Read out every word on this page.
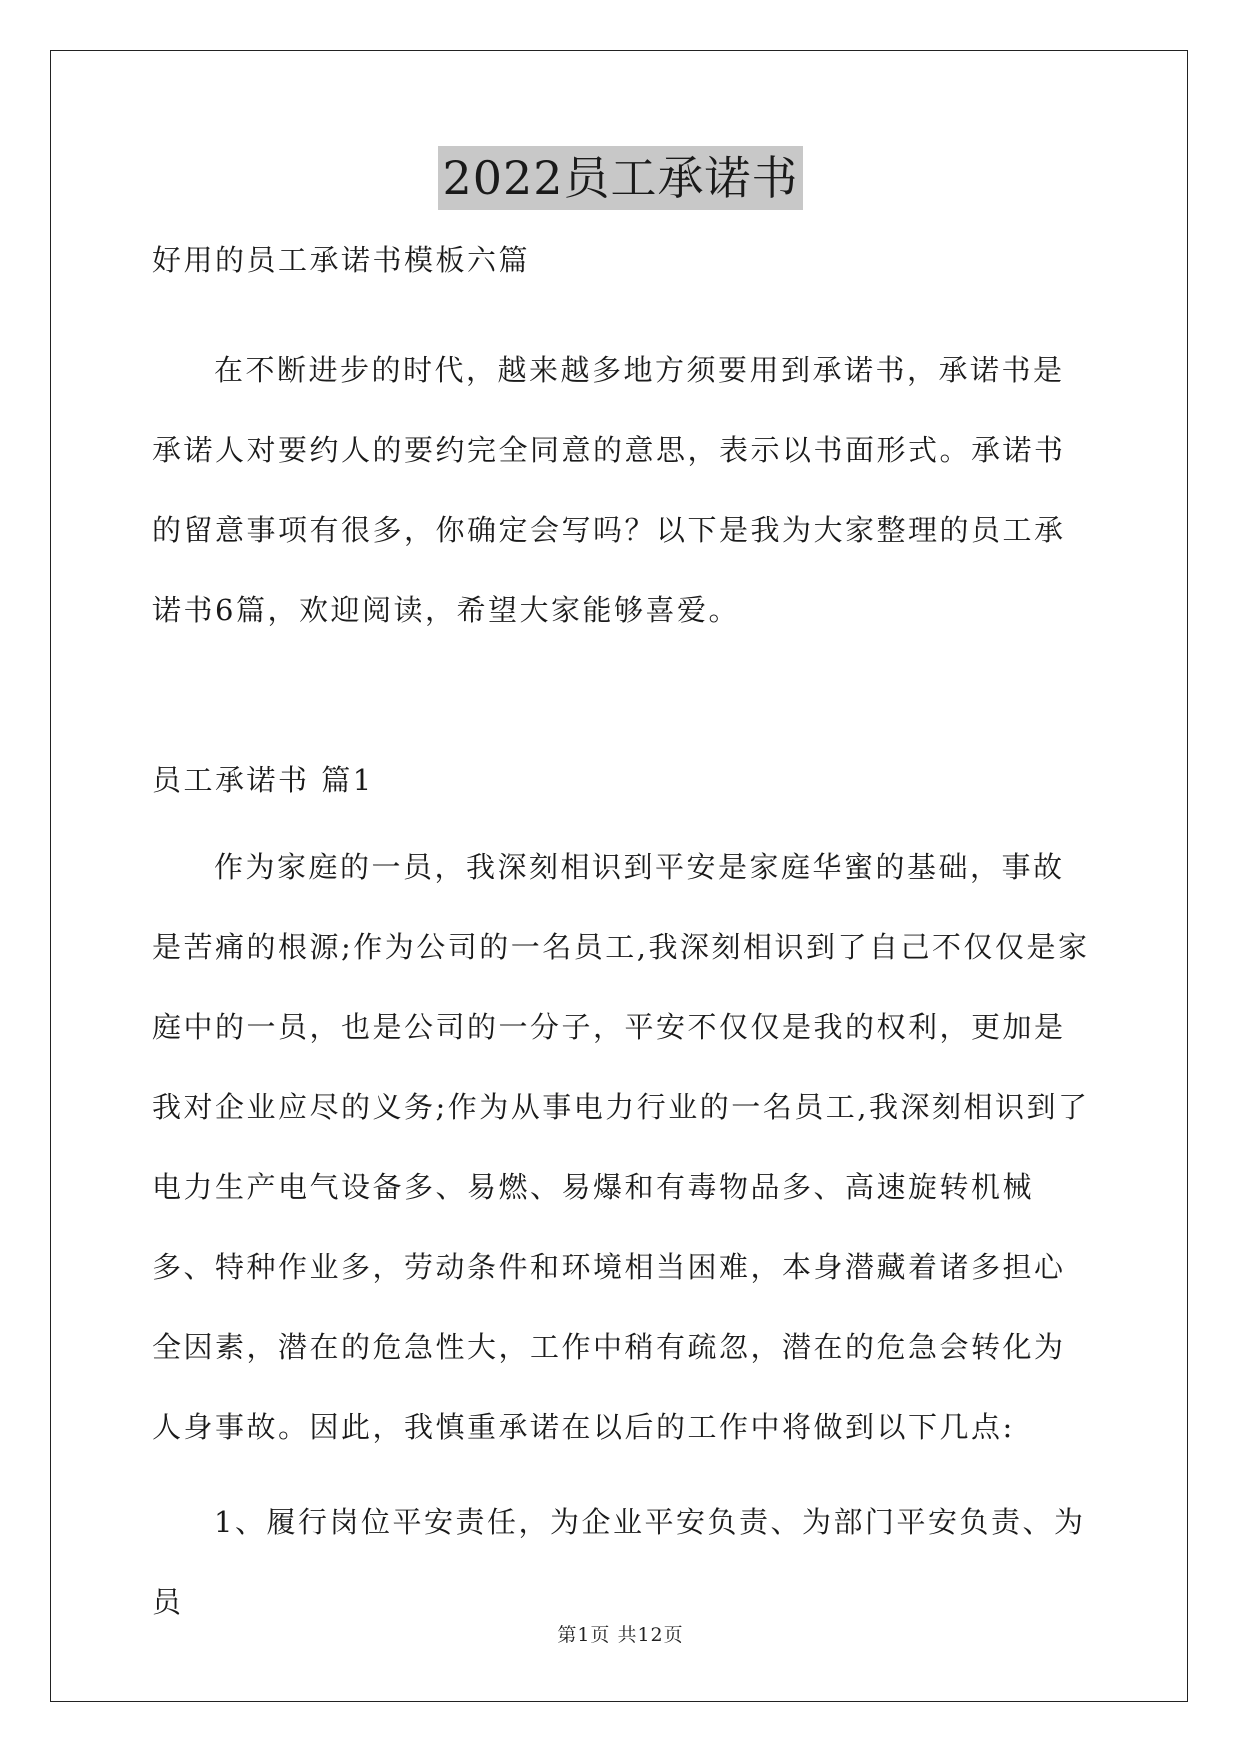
2022员工承诺书
好用的员工承诺书模板六篇

在不断进步的时代，越来越多地方须要用到承诺书，承诺书是承诺人对要约人的要约完全同意的意思，表示以书面形式。承诺书的留意事项有很多，你确定会写吗？以下是我为大家整理的员工承诺书6篇，欢迎阅读，希望大家能够喜爱。

员工承诺书 篇1

作为家庭的一员，我深刻相识到平安是家庭华蜜的基础，事故是苦痛的根源;作为公司的一名员工,我深刻相识到了自己不仅仅是家庭中的一员，也是公司的一分子，平安不仅仅是我的权利，更加是我对企业应尽的义务;作为从事电力行业的一名员工,我深刻相识到了电力生产电气设备多、易燃、易爆和有毒物品多、高速旋转机械多、特种作业多，劳动条件和环境相当困难，本身潜藏着诸多担心全因素，潜在的危急性大，工作中稍有疏忽，潜在的危急会转化为人身事故。因此，我慎重承诺在以后的工作中将做到以下几点:

1、履行岗位平安责任，为企业平安负责、为部门平安负责、为员

第1页 共12页
